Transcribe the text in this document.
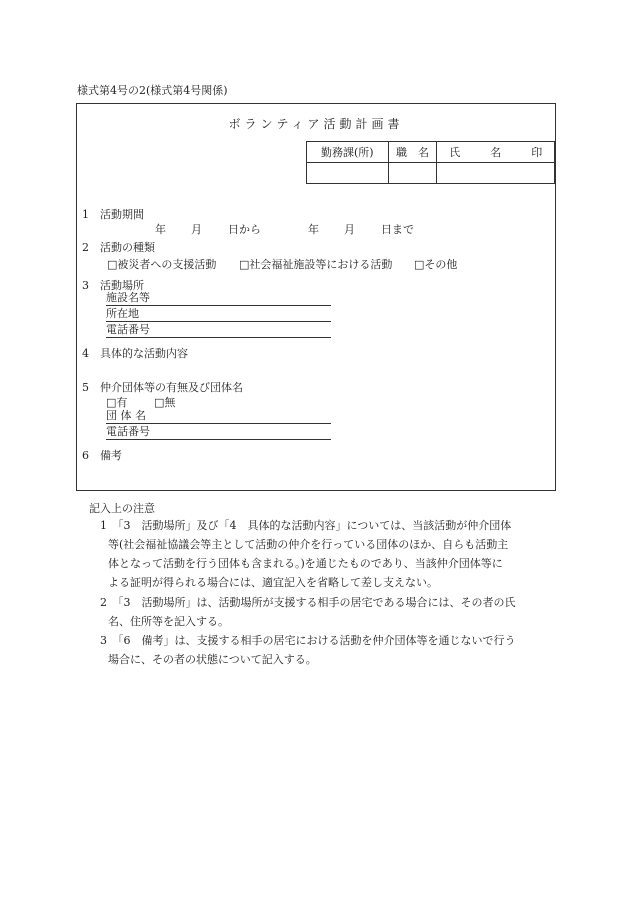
様式第4号の2(様式第4号関係)
ボランティア活動計画書
勤務課(所)	職　名	氏 名 印

1　活動期間
年 月 日から	年 月 日まで
2　活動の種類
□被災者への支援活動 □社会福祉施設等における活動 □その他
3　活動場所
施設名等
所在地
電話番号
4　具体的な活動内容
5　仲介団体等の有無及び団体名
□有 □無
団 体 名
電話番号
6　備考
記入上の注意
1　「3　活動場所」及び「4　具体的な活動内容」については、当該活動が仲介団体
等(社会福祉協議会等主として活動の仲介を行っている団体のほか、自らも活動主
体となって活動を行う団体も含まれる。)を通じたものであり、当該仲介団体等に
よる証明が得られる場合には、適宜記入を省略して差し支えない。
2　「3　活動場所」は、活動場所が支援する相手の居宅である場合には、その者の氏
名、住所等を記入する。
3　「6　備考」は、支援する相手の居宅における活動を仲介団体等を通じないで行う
場合に、その者の状態について記入する。
